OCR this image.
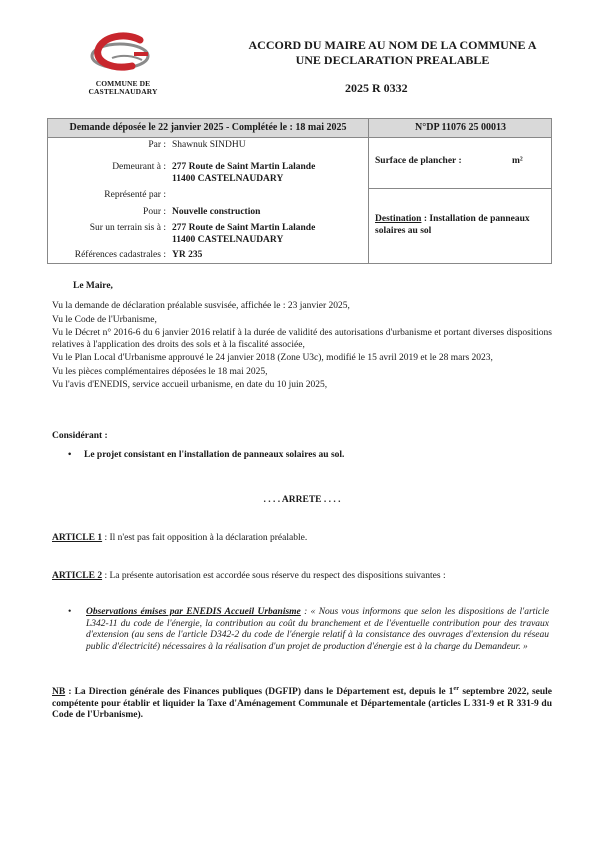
COMMUNE DE
CASTELNAUDARY
ACCORD DU MAIRE AU NOM DE LA COMMUNE A
UNE DECLARATION PREALABLE
2025 R 0332
Demande déposée le 22 janvier 2025 - Complétée le : 18 mai 2025	N°DP 11076 25 00013
Par : Shawnuk SINDHU
Demeurant à : 277 Route de Saint Martin Lalande
11400 CASTELNAUDARY
Représenté par :
Pour : Nouvelle construction
Sur un terrain sis à : 277 Route de Saint Martin Lalande
11400 CASTELNAUDARY
Références cadastrales : YR 235
Surface de plancher :	m²
Destination : Installation de panneaux solaires au sol
Le Maire,
Vu la demande de déclaration préalable susvisée, affichée le : 23 janvier 2025,
Vu le Code de l'Urbanisme,
Vu le Décret n° 2016-6 du 6 janvier 2016 relatif à la durée de validité des autorisations d'urbanisme et portant diverses dispositions relatives à l'application des droits des sols et à la fiscalité associée,
Vu le Plan Local d'Urbanisme approuvé le 24 janvier 2018 (Zone U3c), modifié le 15 avril 2019 et le 28 mars 2023,
Vu les pièces complémentaires déposées le 18 mai 2025,
Vu l'avis d'ENEDIS, service accueil urbanisme, en date du 10 juin 2025,
Considérant :
• Le projet consistant en l'installation de panneaux solaires au sol.
. . . . ARRETE . . . .
ARTICLE 1 : Il n'est pas fait opposition à la déclaration préalable.
ARTICLE 2 : La présente autorisation est accordée sous réserve du respect des dispositions suivantes :
•	Observations émises par ENEDIS Accueil Urbanisme : « Nous vous informons que selon les dispositions de l'article L342-11 du code de l'énergie, la contribution au coût du branchement et de l'éventuelle contribution pour des travaux d'extension (au sens de l'article D342-2 du code de l'énergie relatif à la consistance des ouvrages d'extension du réseau public d'électricité) nécessaires à la réalisation d'un projet de production d'énergie est à la charge du Demandeur. »
NB : La Direction générale des Finances publiques (DGFIP) dans le Département est, depuis le 1er septembre 2022, seule compétente pour établir et liquider la Taxe d'Aménagement Communale et Départementale (articles L 331-9 et R 331-9 du Code de l'Urbanisme).
